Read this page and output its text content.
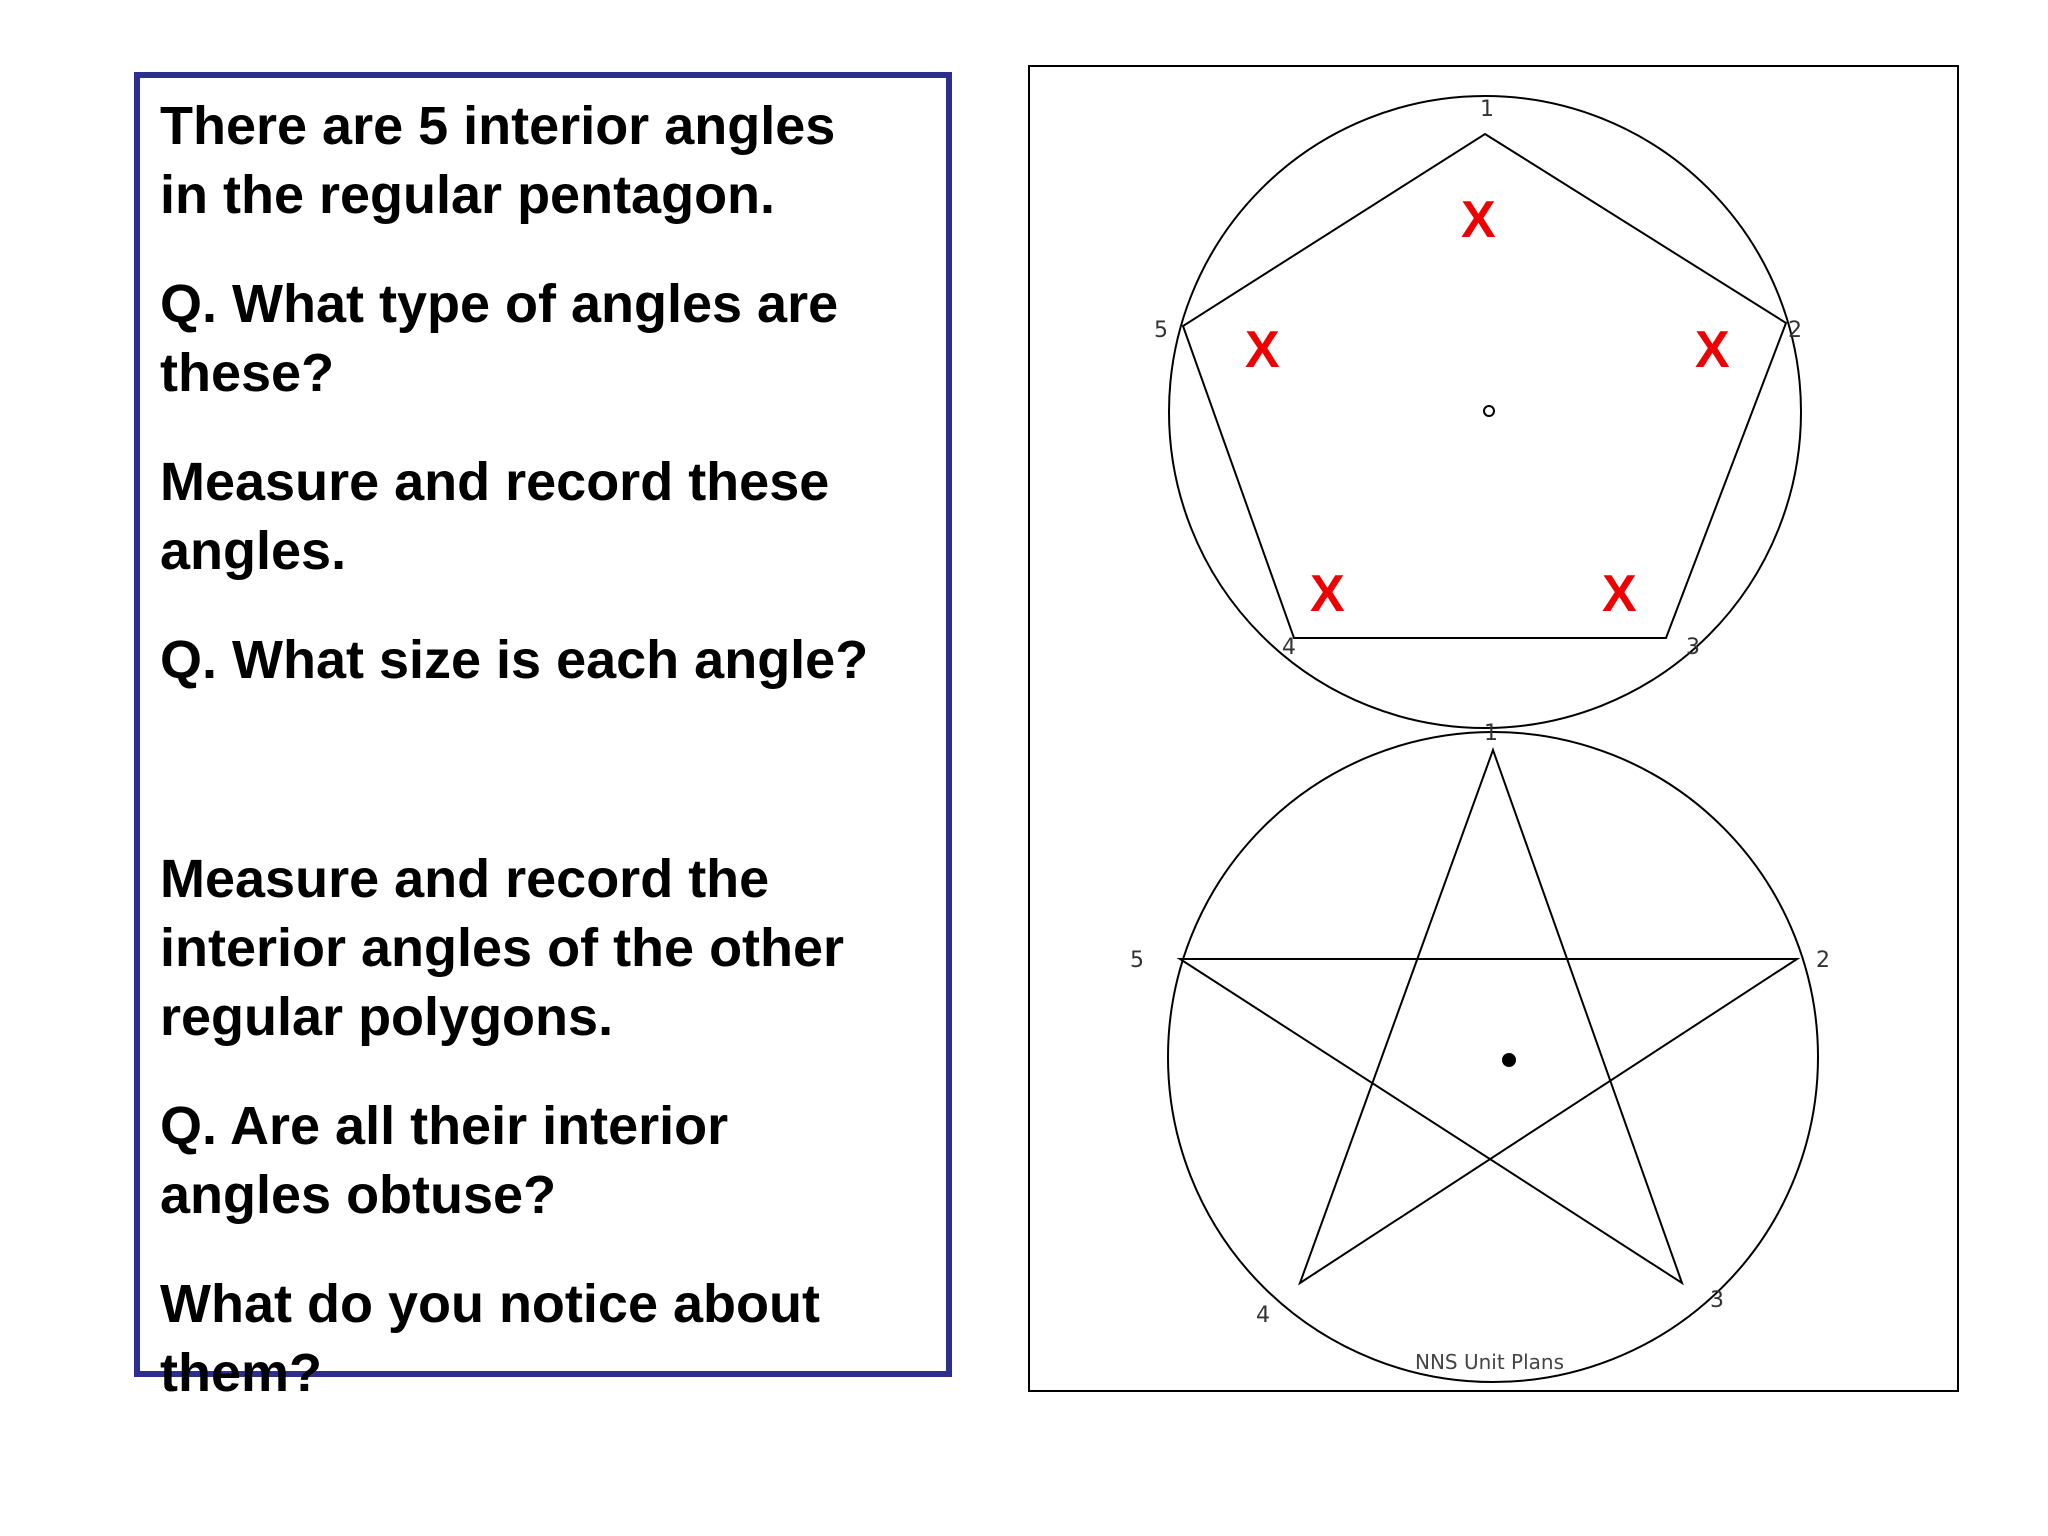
There are 5 interior angles
in the regular pentagon.

Q. What type of angles are
these?

Measure and record these
angles.

Q. What size is each angle?

Measure and record the
interior angles of the other
regular polygons.

Q. Are all their interior
angles obtuse?

What do you notice about
them?

1
2
3
4
5
X
X
X
X
X
1
2
3
4
5
NNS Unit Plans
